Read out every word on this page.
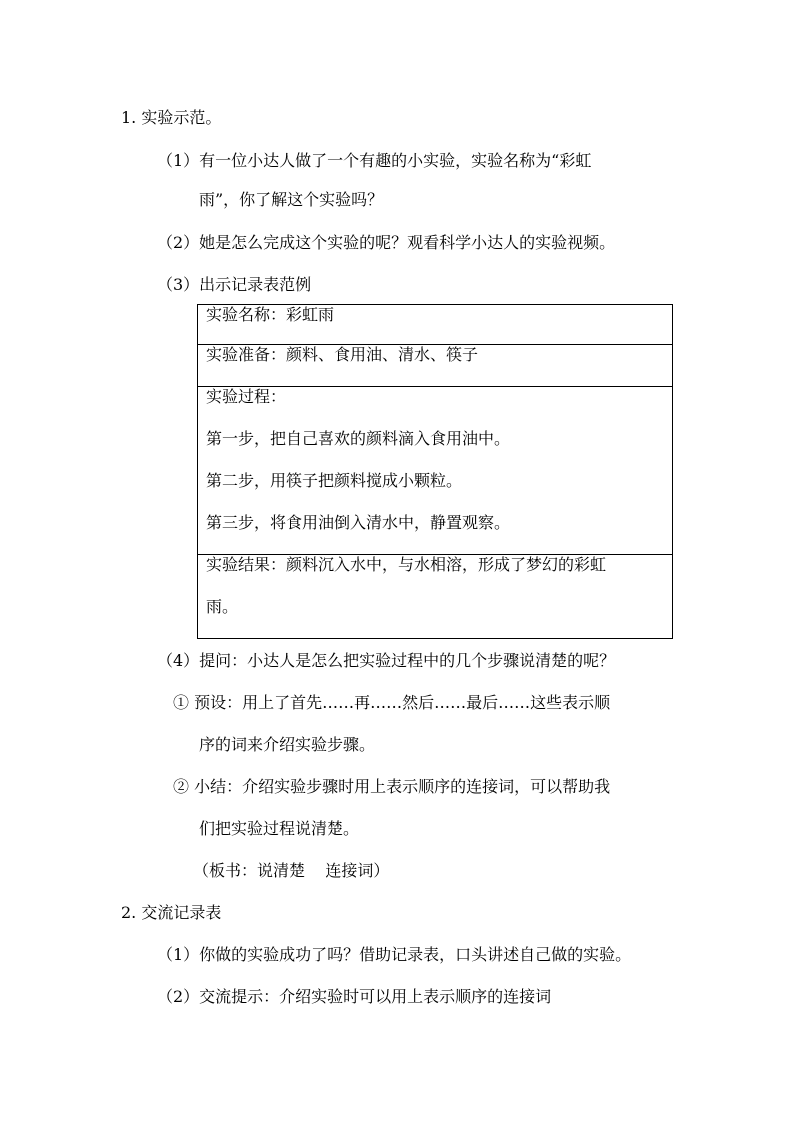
1. 实验示范。
（1）有一位小达人做了一个有趣的小实验，实验名称为“彩虹
雨”，你了解这个实验吗？
（2）她是怎么完成这个实验的呢？观看科学小达人的实验视频。
（3）出示记录表范例
实验名称：彩虹雨

实验准备：颜料、食用油、清水、筷子

实验过程：
第一步，把自己喜欢的颜料滴入食用油中。
第二步，用筷子把颜料搅成小颗粒。
第三步，将食用油倒入清水中，静置观察。

实验结果：颜料沉入水中，与水相溶，形成了梦幻的彩虹
雨。
（4）提问：小达人是怎么把实验过程中的几个步骤说清楚的呢？
① 预设：用上了首先……再……然后……最后……这些表示顺
序的词来介绍实验步骤。
② 小结：介绍实验步骤时用上表示顺序的连接词，可以帮助我
们把实验过程说清楚。
（板书：说清楚    连接词）
2. 交流记录表
（1）你做的实验成功了吗？借助记录表，口头讲述自己做的实验。
（2）交流提示：介绍实验时可以用上表示顺序的连接词
